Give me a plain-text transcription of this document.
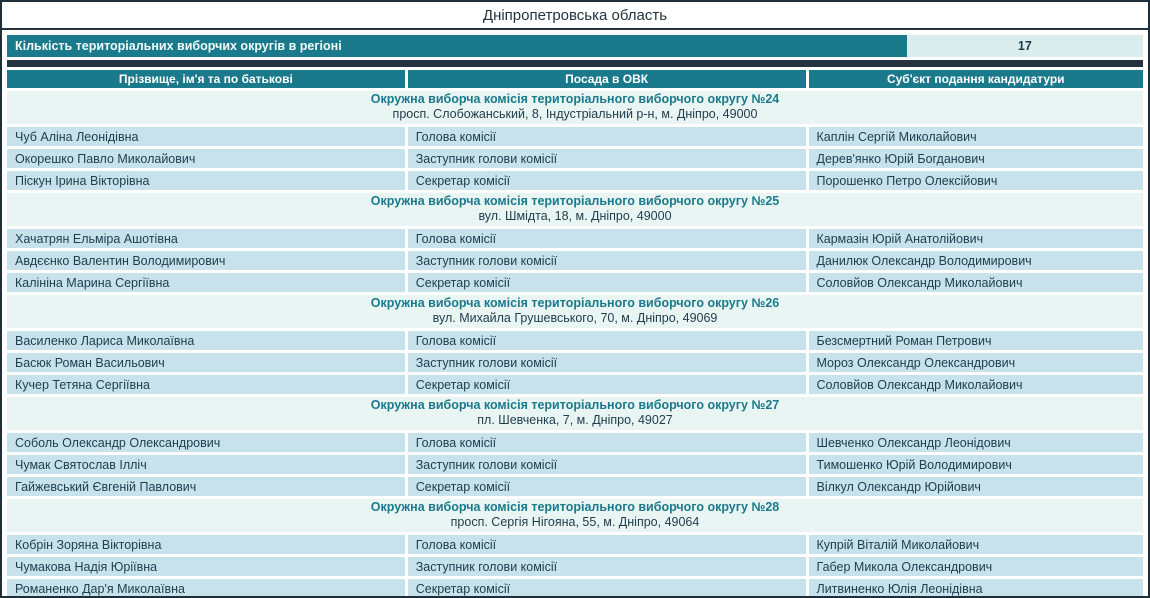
Дніпропетровська область
Кількість територіальних виборчих округів в регіоні	17
Прізвище, ім'я та по батькові	Посада в ОВК	Суб'єкт подання кандидатури

Окружна виборча комісія територіального виборчого округу №24
просп. Слобожанський, 8, Індустріальний р-н, м. Дніпро, 49000		

Чуб Аліна Леонідівна	Голова комісії	Каплін Сергій Миколайович
Окорешко Павло Миколайович	Заступник голови комісії	Дерев'янко Юрій Богданович
Піскун Ірина Вікторівна	Секретар комісії	Порошенко Петро Олексійович

Окружна виборча комісія територіального виборчого округу №25
вул. Шмідта, 18, м. Дніпро, 49000		

Хачатрян Ельміра Ашотівна	Голова комісії	Кармазін Юрій Анатолійович
Авдєєнко Валентин Володимирович	Заступник голови комісії	Данилюк Олександр Володимирович
Калініна Марина Сергіївна	Секретар комісії	Соловйов Олександр Миколайович

Окружна виборча комісія територіального виборчого округу №26
вул. Михайла Грушевського, 70, м. Дніпро, 49069		

Василенко Лариса Миколаївна	Голова комісії	Безсмертний Роман Петрович
Басюк Роман Васильович	Заступник голови комісії	Мороз Олександр Олександрович
Кучер Тетяна Сергіївна	Секретар комісії	Соловйов Олександр Миколайович

Окружна виборча комісія територіального виборчого округу №27
пл. Шевченка, 7, м. Дніпро, 49027		

Соболь Олександр Олександрович	Голова комісії	Шевченко Олександр Леонідович
Чумак Святослав Ілліч	Заступник голови комісії	Тимошенко Юрій Володимирович
Гайжевський Євгеній Павлович	Секретар комісії	Вілкул Олександр Юрійович

Окружна виборча комісія територіального виборчого округу №28
просп. Сергія Нігояна, 55, м. Дніпро, 49064		

Кобрін Зоряна Вікторівна	Голова комісії	Купрій Віталій Миколайович
Чумакова Надія Юріївна	Заступник голови комісії	Габер Микола Олександрович
Романенко Дар'я Миколаївна	Секретар комісії	Литвиненко Юлія Леонідівна
